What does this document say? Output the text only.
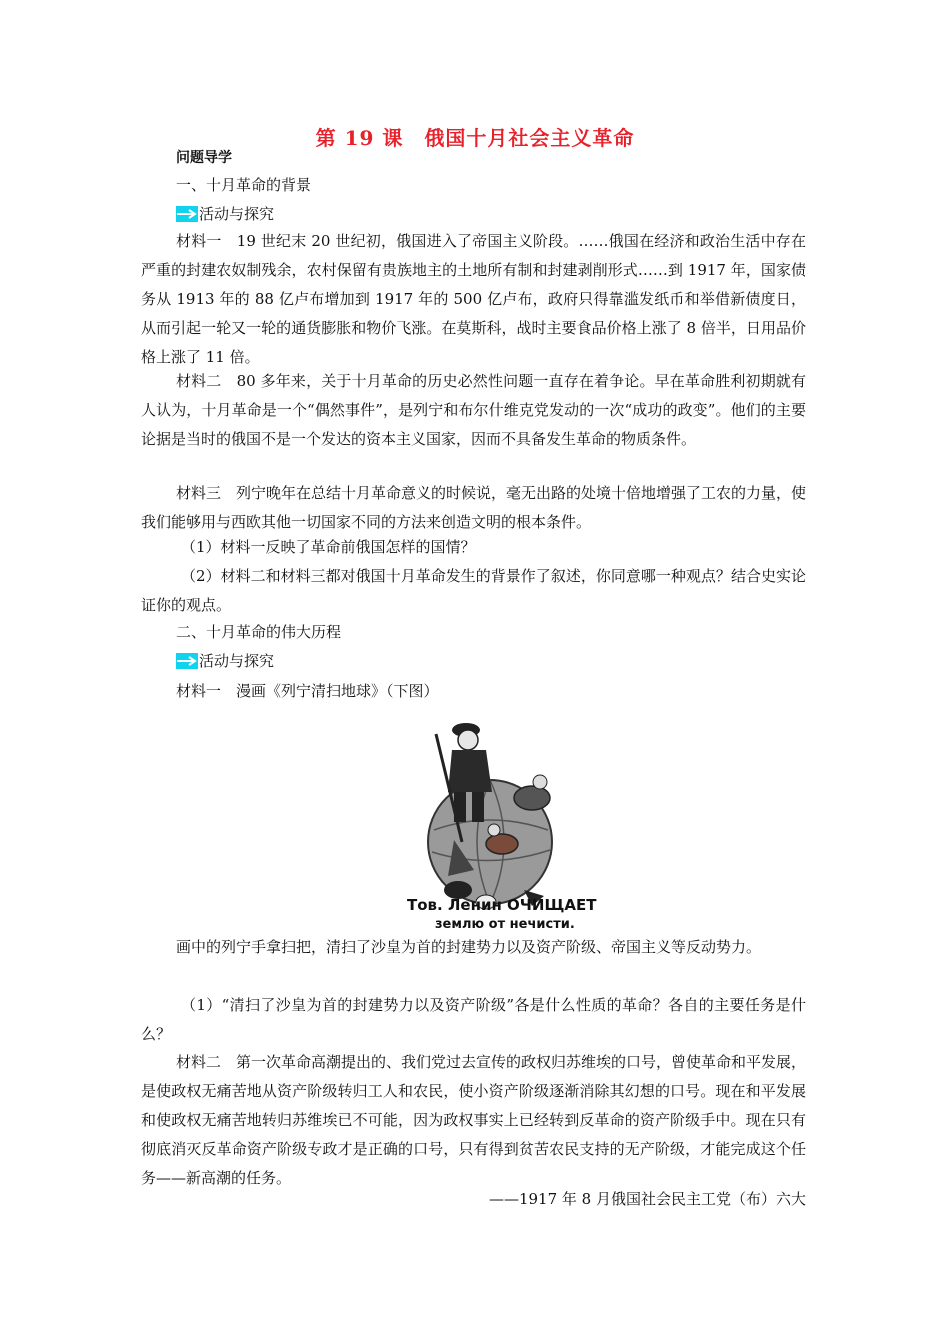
第 19 课　俄国十月社会主义革命
问题导学
一、十月革命的背景
活动与探究
材料一　19 世纪末 20 世纪初，俄国进入了帝国主义阶段。……俄国在经济和政治生活中存在严重的封建农奴制残余，农村保留有贵族地主的土地所有制和封建剥削形式……到 1917 年，国家债务从 1913 年的 88 亿卢布增加到 1917 年的 500 亿卢布，政府只得靠滥发纸币和举借新债度日，从而引起一轮又一轮的通货膨胀和物价飞涨。在莫斯科，战时主要食品价格上涨了 8 倍半，日用品价格上涨了 11 倍。
材料二　80 多年来，关于十月革命的历史必然性问题一直存在着争论。早在革命胜利初期就有人认为，十月革命是一个“偶然事件”，是列宁和布尔什维克党发动的一次“成功的政变”。他们的主要论据是当时的俄国不是一个发达的资本主义国家，因而不具备发生革命的物质条件。
材料三　列宁晚年在总结十月革命意义的时候说，毫无出路的处境十倍地增强了工农的力量，使我们能够用与西欧其他一切国家不同的方法来创造文明的根本条件。
（1）材料一反映了革命前俄国怎样的国情？
（2）材料二和材料三都对俄国十月革命发生的背景作了叙述，你同意哪一种观点？结合史实论证你的观点。
二、十月革命的伟大历程
活动与探究
材料一　漫画《列宁清扫地球》（下图）
Тов. Ленин ОЧИЩАЕТ
землю от нечисти.
画中的列宁手拿扫把，清扫了沙皇为首的封建势力以及资产阶级、帝国主义等反动势力。
（1）“清扫了沙皇为首的封建势力以及资产阶级”各是什么性质的革命？各自的主要任务是什么？
材料二　第一次革命高潮提出的、我们党过去宣传的政权归苏维埃的口号，曾使革命和平发展，是使政权无痛苦地从资产阶级转归工人和农民，使小资产阶级逐渐消除其幻想的口号。现在和平发展和使政权无痛苦地转归苏维埃已不可能，因为政权事实上已经转到反革命的资产阶级手中。现在只有彻底消灭反革命资产阶级专政才是正确的口号，只有得到贫苦农民支持的无产阶级，才能完成这个任务——新高潮的任务。
——1917 年 8 月俄国社会民主工党（布）六大
